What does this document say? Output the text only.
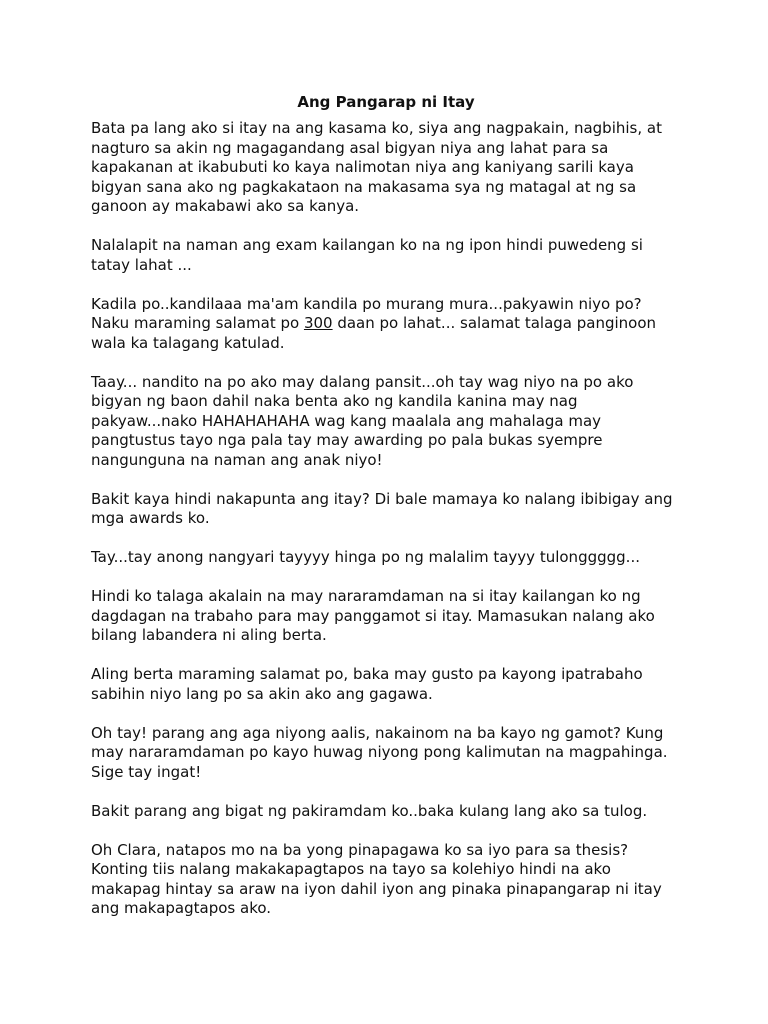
Ang Pangarap ni Itay

Bata pa lang ako si itay na ang kasama ko, siya ang nagpakain, nagbihis, at nagturo sa akin ng magagandang asal bigyan niya ang lahat para sa kapakanan at ikabubuti ko kaya nalimotan niya ang kaniyang sarili kaya bigyan sana ako ng pagkakataon na makasama sya ng matagal at ng sa ganoon ay makabawi ako sa kanya.

Nalalapit na naman ang exam kailangan ko na ng ipon hindi puwedeng si tatay lahat ...

Kadila po..kandilaaa ma'am kandila po murang mura...pakyawin niyo po? Naku maraming salamat po 300 daan po lahat... salamat talaga panginoon wala ka talagang katulad.

Taay... nandito na po ako may dalang pansit...oh tay wag niyo na po ako bigyan ng baon dahil naka benta ako ng kandila kanina may nag pakyaw...nako HAHAHAHAHA wag kang maalala ang mahalaga may pangtustus tayo nga pala tay may awarding po pala bukas syempre nangunguna na naman ang anak niyo!

Bakit kaya hindi nakapunta ang itay? Di bale mamaya ko nalang ibibigay ang mga awards ko.

Tay...tay anong nangyari tayyyy hinga po ng malalim tayyy tulonggggg...

Hindi ko talaga akalain na may nararamdaman na si itay kailangan ko ng dagdagan na trabaho para may panggamot si itay. Mamasukan nalang ako bilang labandera ni aling berta.

Aling berta maraming salamat po, baka may gusto pa kayong ipatrabaho sabihin niyo lang po sa akin ako ang gagawa.

Oh tay! parang ang aga niyong aalis, nakainom na ba kayo ng gamot? Kung may nararamdaman po kayo huwag niyong pong kalimutan na magpahinga. Sige tay ingat!

Bakit parang ang bigat ng pakiramdam ko..baka kulang lang ako sa tulog.

Oh Clara, natapos mo na ba yong pinapagawa ko sa iyo para sa thesis? Konting tiis nalang makakapagtapos na tayo sa kolehiyo hindi na ako makapag hintay sa araw na iyon dahil iyon ang pinaka pinapangarap ni itay ang makapagtapos ako.
